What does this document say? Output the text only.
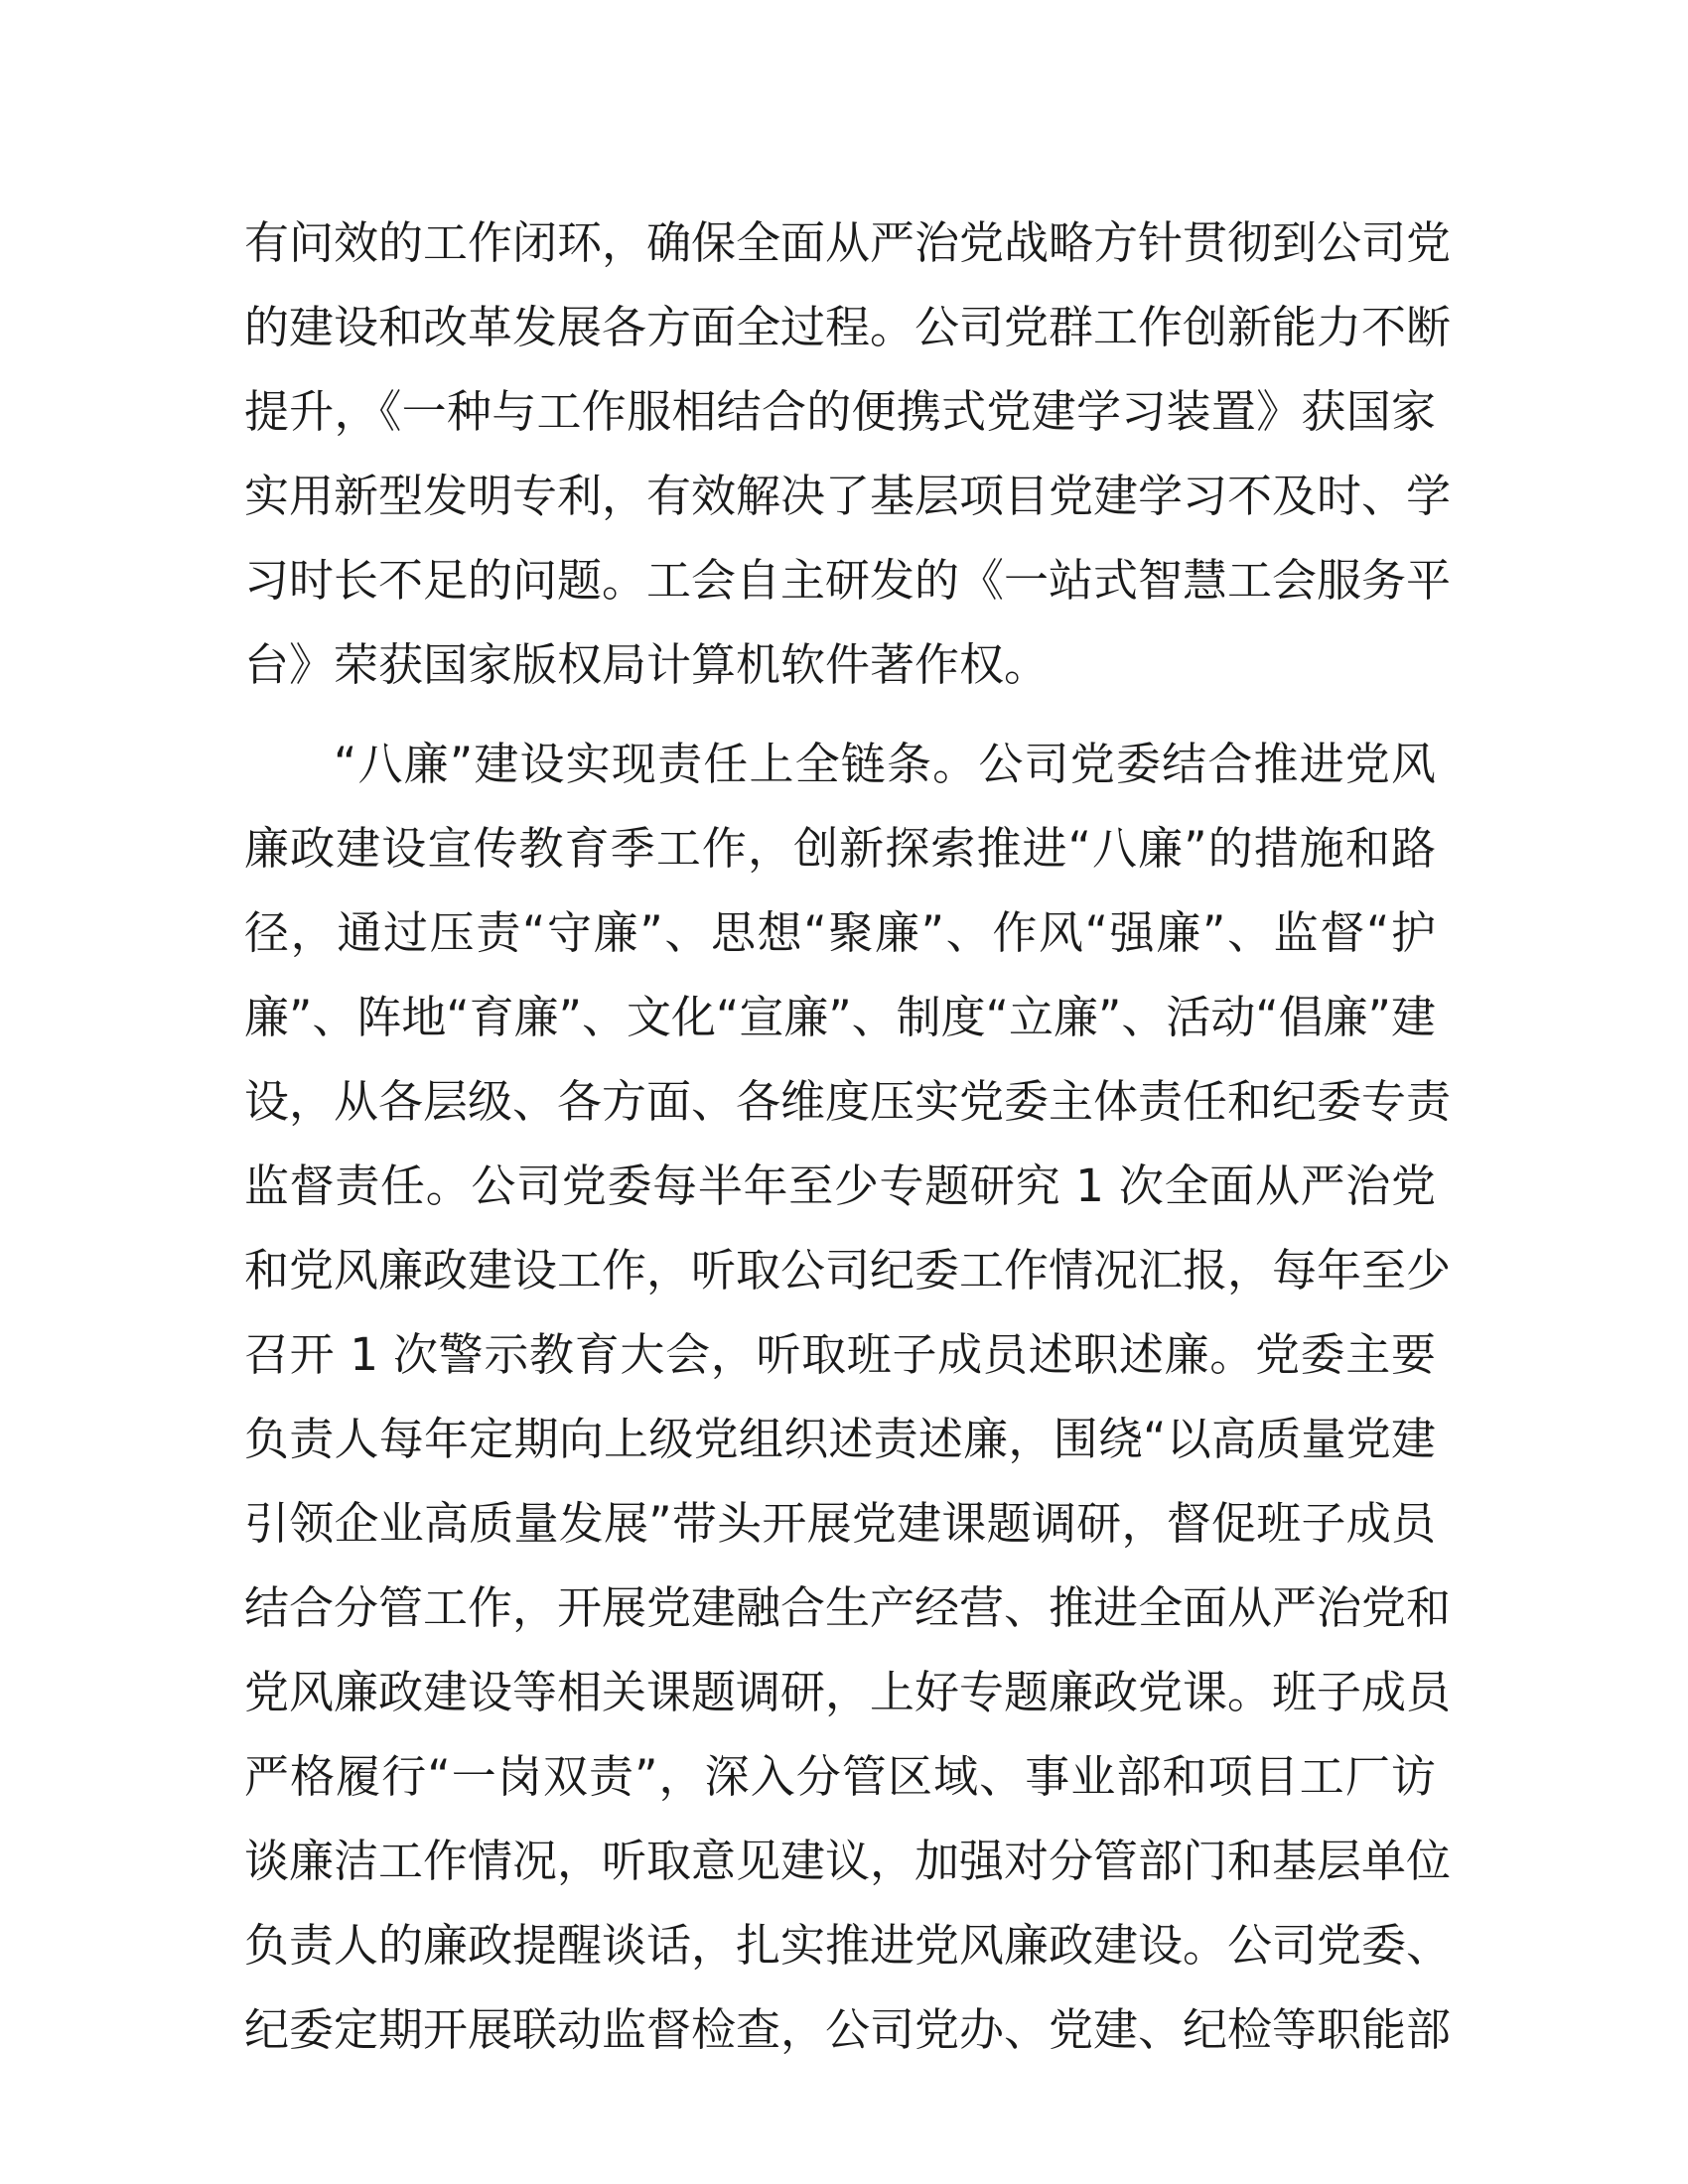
有问效的工作闭环，确保全面从严治党战略方针贯彻到公司党

的建设和改革发展各方面全过程。公司党群工作创新能力不断

提升，《一种与工作服相结合的便携式党建学习装置》获国家

实用新型发明专利，有效解决了基层项目党建学习不及时、学

习时长不足的问题。工会自主研发的《一站式智慧工会服务平

台》荣获国家版权局计算机软件著作权。

“八廉”建设实现责任上全链条。公司党委结合推进党风

廉政建设宣传教育季工作，创新探索推进“八廉”的措施和路

径，通过压责“守廉”、思想“聚廉”、作风“强廉”、监督“护

廉”、阵地“育廉”、文化“宣廉”、制度“立廉”、活动“倡廉”建

设，从各层级、各方面、各维度压实党委主体责任和纪委专责

监督责任。公司党委每半年至少专题研究 1 次全面从严治党

和党风廉政建设工作，听取公司纪委工作情况汇报，每年至少

召开 1 次警示教育大会，听取班子成员述职述廉。党委主要

负责人每年定期向上级党组织述责述廉，围绕“以高质量党建

引领企业高质量发展”带头开展党建课题调研，督促班子成员

结合分管工作，开展党建融合生产经营、推进全面从严治党和

党风廉政建设等相关课题调研，上好专题廉政党课。班子成员

严格履行“一岗双责”，深入分管区域、事业部和项目工厂访

谈廉洁工作情况，听取意见建议，加强对分管部门和基层单位

负责人的廉政提醒谈话，扎实推进党风廉政建设。公司党委、

纪委定期开展联动监督检查，公司党办、党建、纪检等职能部
